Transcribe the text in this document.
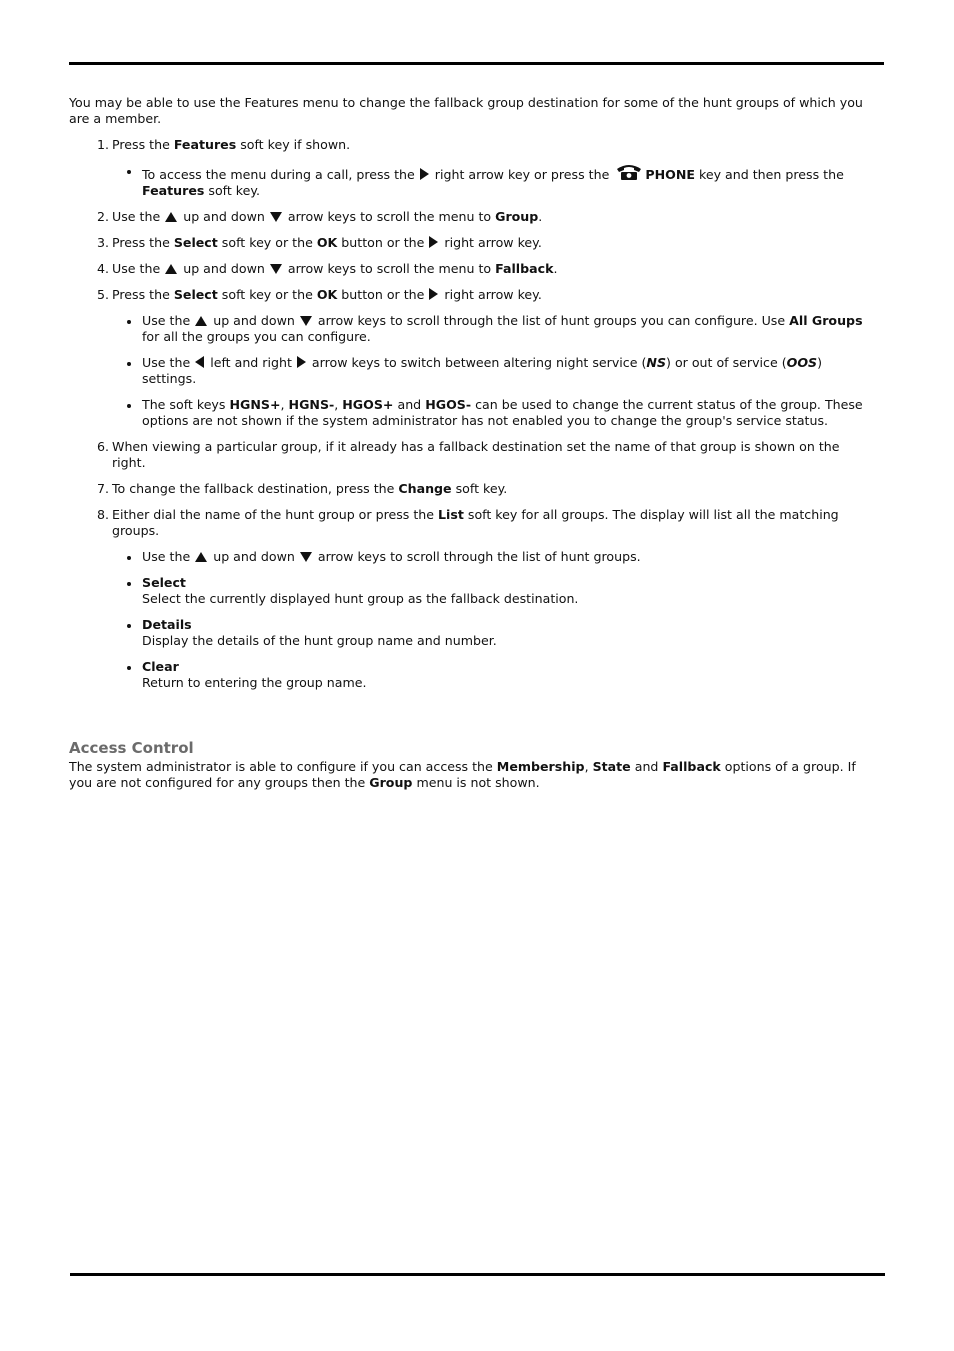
You may be able to use the Features menu to change the fallback group destination for some of the hunt groups of which you are a member.

1. Press the Features soft key if shown.
To access the menu during a call, press the  right arrow key or press the	PHONE key and then press the Features soft key.
2. Use the  up and down  arrow keys to scroll the menu to Group.
3. Press the Select soft key or the OK button or the  right arrow key.
4. Use the  up and down  arrow keys to scroll the menu to Fallback.
5. Press the Select soft key or the OK button or the  right arrow key.
Use the  up and down  arrow keys to scroll through the list of hunt groups you can configure. Use All Groups for all the groups you can configure.
Use the  left and right  arrow keys to switch between altering night service (NS) or out of service (OOS) settings.
The soft keys HGNS+, HGNS-, HGOS+ and HGOS- can be used to change the current status of the group. These options are not shown if the system administrator has not enabled you to change the group's service status.
6. When viewing a particular group, if it already has a fallback destination set the name of that group is shown on the right.
7. To change the fallback destination, press the Change soft key.
8. Either dial the name of the hunt group or press the List soft key for all groups. The display will list all the matching groups.
Use the  up and down  arrow keys to scroll through the list of hunt groups.
Select
Select the currently displayed hunt group as the fallback destination.
Details
Display the details of the hunt group name and number.
Clear
Return to entering the group name.
Access Control

The system administrator is able to configure if you can access the Membership, State and Fallback options of a group. If you are not configured for any groups then the Group menu is not shown.
